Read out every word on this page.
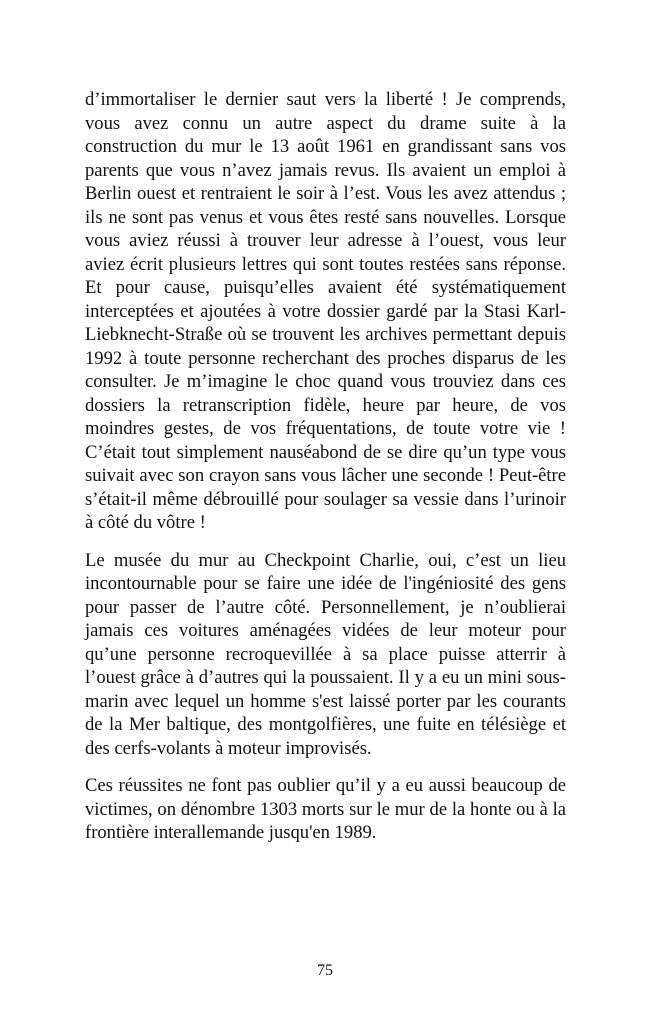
d’immortaliser le dernier saut vers la liberté ! Je comprends, vous avez connu un autre aspect du drame suite à la construction du mur le 13 août 1961 en grandissant sans vos parents que vous n’avez jamais revus. Ils avaient un emploi à Berlin ouest et rentraient le soir à l’est. Vous les avez attendus ; ils ne sont pas venus et vous êtes resté sans nouvelles. Lorsque vous aviez réussi à trouver leur adresse à l’ouest, vous leur aviez écrit plusieurs lettres qui sont toutes restées sans réponse. Et pour cause, puisqu’elles avaient été systématiquement interceptées et ajoutées à votre dossier gardé par la Stasi Karl-Liebknecht-Straße où se trouvent les archives permettant depuis 1992 à toute personne recherchant des proches disparus de les consulter. Je m’imagine le choc quand vous trouviez dans ces dossiers la retranscription fidèle, heure par heure, de vos moindres gestes, de vos fréquentations, de toute votre vie ! C’était tout simplement nauséabond de se dire qu’un type vous suivait avec son crayon sans vous lâcher une seconde ! Peut-être s’était-il même débrouillé pour soulager sa vessie dans l’urinoir à côté du vôtre !

Le musée du mur au Checkpoint Charlie, oui, c’est un lieu incontournable pour se faire une idée de l'ingéniosité des gens pour passer de l’autre côté. Personnellement, je n’oublierai jamais ces voitures aménagées vidées de leur moteur pour qu’une personne recroquevillée à sa place puisse atterrir à l’ouest grâce à d’autres qui la poussaient. Il y a eu un mini sous-marin avec lequel un homme s'est laissé porter par les courants de la Mer baltique, des montgolfières, une fuite en télésiège et des cerfs-volants à moteur improvisés.

Ces réussites ne font pas oublier qu’il y a eu aussi beaucoup de victimes, on dénombre 1303 morts sur le mur de la honte ou à la frontière interallemande jusqu'en 1989.

75
